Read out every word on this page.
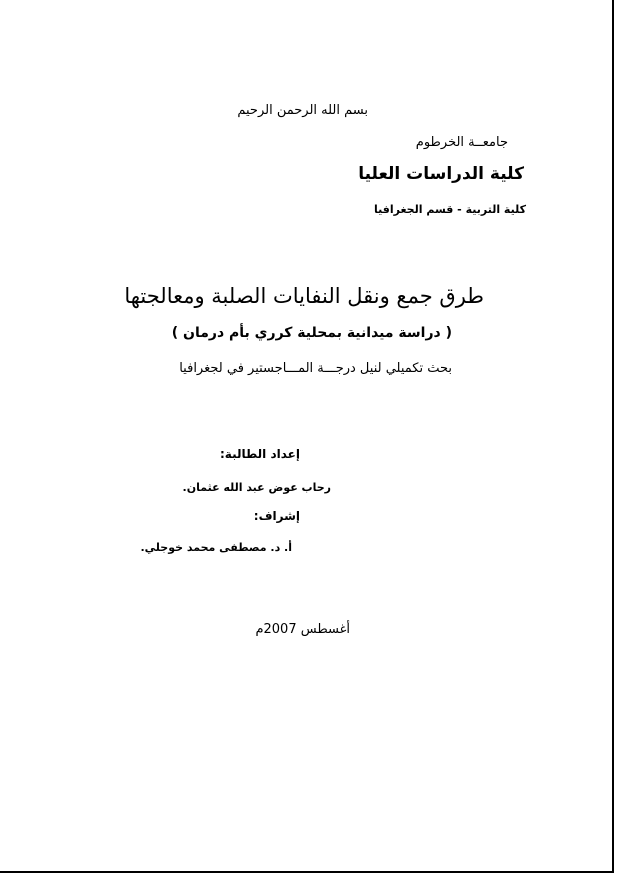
بسم الله الرحمن الرحيم
جامعــة الخرطوم
كلية الدراسات العليا
كلية التربية - قسم الجغرافيا
طرق جمع ونقل النفايات الصلبة ومعالجتها
( دراسة ميدانية بمحلية كرري بأم درمان )
بحث تكميلي لنيل درجـــة المـــاجستير في لجغرافيا
إعداد الطالبة:
رحاب عوض عبد الله عثمان.
إشراف:
أ. د. مصطفى محمد خوجلي.
أغسطس 2007م
